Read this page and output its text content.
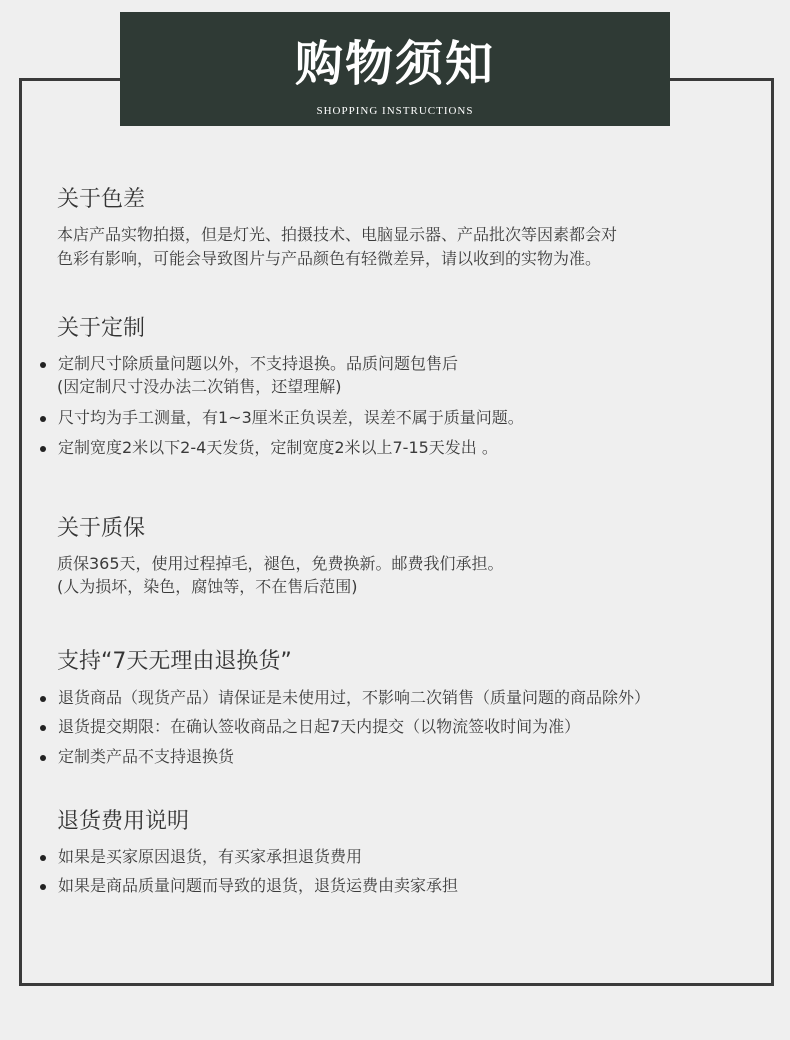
购物须知
SHOPPING INSTRUCTIONS
关于色差
本店产品实物拍摄，但是灯光、拍摄技术、电脑显示器、产品批次等因素都会对
色彩有影响，可能会导致图片与产品颜色有轻微差异，请以收到的实物为准。
关于定制
定制尺寸除质量问题以外，不支持退换。品质问题包售后
(因定制尺寸没办法二次销售，还望理解)
尺寸均为手工测量，有1~3厘米正负误差，误差不属于质量问题。
定制宽度2米以下2-4天发货，定制宽度2米以上7-15天发出 。
关于质保
质保365天，使用过程掉毛，褪色，免费换新。邮费我们承担。
(人为损坏，染色，腐蚀等，不在售后范围)
支持“7天无理由退换货”
退货商品（现货产品）请保证是未使用过，不影响二次销售（质量问题的商品除外）
退货提交期限：在确认签收商品之日起7天内提交（以物流签收时间为准）
定制类产品不支持退换货
退货费用说明
如果是买家原因退货，有买家承担退货费用
如果是商品质量问题而导致的退货，退货运费由卖家承担
